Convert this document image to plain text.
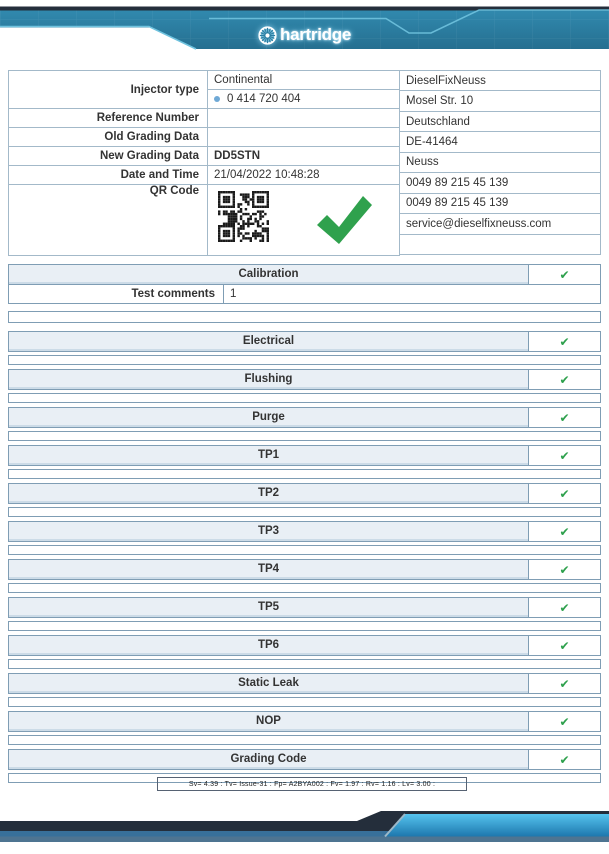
hartridge
Injector type	Continental
	0 414 720 404
Reference Number	
Old Grading Data	
New Grading Data	DD5STN
Date and Time	21/04/2022 10:48:28
QR Code	
DieselFixNeuss
Mosel Str. 10
Deutschland
DE-41464
Neuss
0049 89 215 45 139
0049 89 215 45 139
service@dieselfixneuss.com

Calibration	✔
Test comments	1
Electrical	✔
Flushing	✔
Purge	✔
TP1	✔
TP2	✔
TP3	✔
TP4	✔
TP5	✔
TP6	✔
Static Leak	✔
NOP	✔
Grading Code	✔
Sv= 4.39 : Tv= Issue-31 : Fp= A2BYA002 : Fv= 1.97 : Rv= 1.16 : Lv= 3.00 :
